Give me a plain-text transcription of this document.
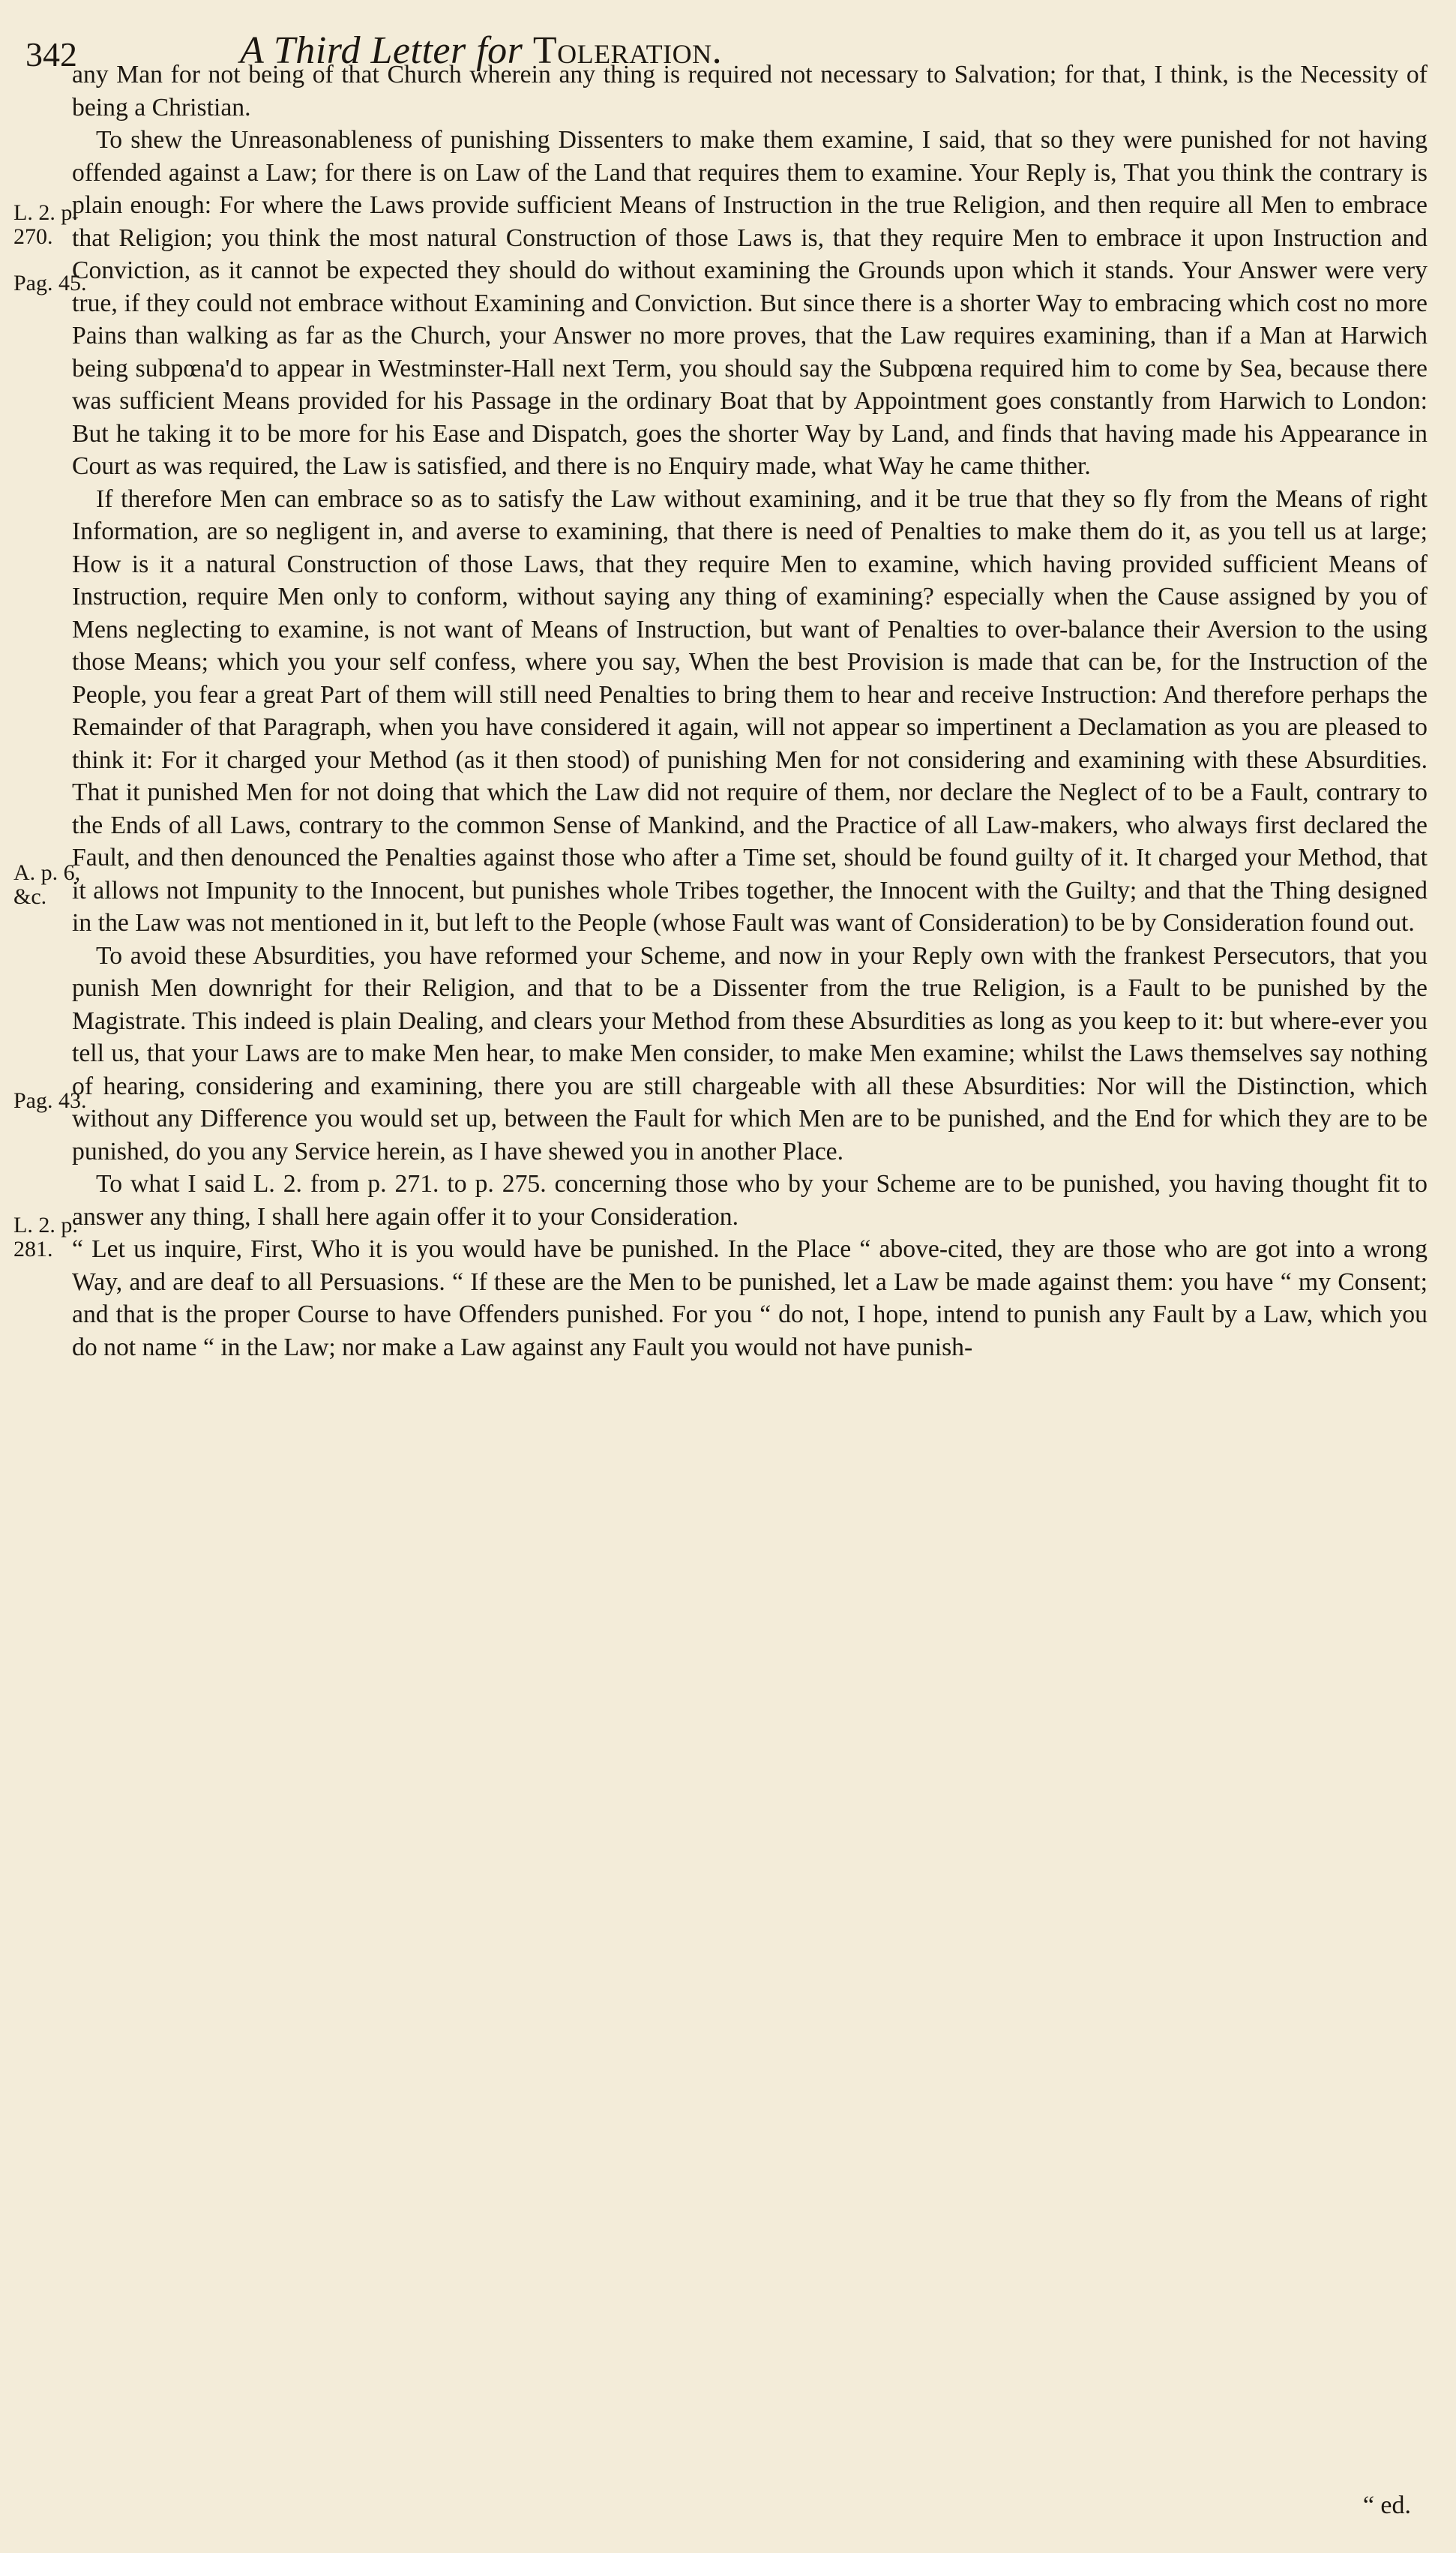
342	A Third Letter for Toleration.
L. 2. p.
270.
Pag. 45.
A. p. 6,
&c.
Pag. 43.
L. 2. p.
281.

any Man for not being of that Church wherein any thing is required not necessary to Salvation; for that, I think, is the Necessity of being a Christian.

To shew the Unreasonableness of punishing Dissenters to make them examine, I said, that so they were punished for not having offended against a Law; for there is on Law of the Land that requires them to examine. Your Reply is, That you think the contrary is plain enough: For where the Laws provide sufficient Means of Instruction in the true Religion, and then require all Men to embrace that Religion; you think the most natural Construction of those Laws is, that they require Men to embrace it upon Instruction and Conviction, as it cannot be expected they should do without examining the Grounds upon which it stands. Your Answer were very true, if they could not embrace without Examining and Conviction. But since there is a shorter Way to embracing which cost no more Pains than walking as far as the Church, your Answer no more proves, that the Law requires examining, than if a Man at Harwich being subpœna'd to appear in Westminster-Hall next Term, you should say the Subpœna required him to come by Sea, because there was sufficient Means provided for his Passage in the ordinary Boat that by Appointment goes constantly from Harwich to London: But he taking it to be more for his Ease and Dispatch, goes the shorter Way by Land, and finds that having made his Appearance in Court as was required, the Law is satisfied, and there is no Enquiry made, what Way he came thither.

If therefore Men can embrace so as to satisfy the Law without examining, and it be true that they so fly from the Means of right Information, are so negligent in, and averse to examining, that there is need of Penalties to make them do it, as you tell us at large; How is it a natural Construction of those Laws, that they require Men to examine, which having provided sufficient Means of Instruction, require Men only to conform, without saying any thing of examining? especially when the Cause assigned by you of Mens neglecting to examine, is not want of Means of Instruction, but want of Penalties to over-balance their Aversion to the using those Means; which you your self confess, where you say, When the best Provision is made that can be, for the Instruction of the People, you fear a great Part of them will still need Penalties to bring them to hear and receive Instruction: And therefore perhaps the Remainder of that Paragraph, when you have considered it again, will not appear so impertinent a Declamation as you are pleased to think it: For it charged your Method (as it then stood) of punishing Men for not considering and examining with these Absurdities. That it punished Men for not doing that which the Law did not require of them, nor declare the Neglect of to be a Fault, contrary to the Ends of all Laws, contrary to the common Sense of Mankind, and the Practice of all Law-makers, who always first declared the Fault, and then denounced the Penalties against those who after a Time set, should be found guilty of it. It charged your Method, that it allows not Impunity to the Innocent, but punishes whole Tribes together, the Innocent with the Guilty; and that the Thing designed in the Law was not mentioned in it, but left to the People (whose Fault was want of Consideration) to be by Consideration found out.

To avoid these Absurdities, you have reformed your Scheme, and now in your Reply own with the frankest Persecutors, that you punish Men downright for their Religion, and that to be a Dissenter from the true Religion, is a Fault to be punished by the Magistrate. This indeed is plain Dealing, and clears your Method from these Absurdities as long as you keep to it: but where-ever you tell us, that your Laws are to make Men hear, to make Men consider, to make Men examine; whilst the Laws themselves say nothing of hearing, considering and examining, there you are still chargeable with all these Absurdities: Nor will the Distinction, which without any Difference you would set up, between the Fault for which Men are to be punished, and the End for which they are to be punished, do you any Service herein, as I have shewed you in another Place.

To what I said L. 2. from p. 271. to p. 275. concerning those who by your Scheme are to be punished, you having thought fit to answer any thing, I shall here again offer it to your Consideration.

“ Let us inquire, First, Who it is you would have be punished. In the Place “ above-cited, they are those who are got into a wrong Way, and are deaf to all Persuasions. “ If these are the Men to be punished, let a Law be made against them: you have “ my Consent; and that is the proper Course to have Offenders punished. For you “ do not, I hope, intend to punish any Fault by a Law, which you do not name “ in the Law; nor make a Law against any Fault you would not have punish-

“ ed.
